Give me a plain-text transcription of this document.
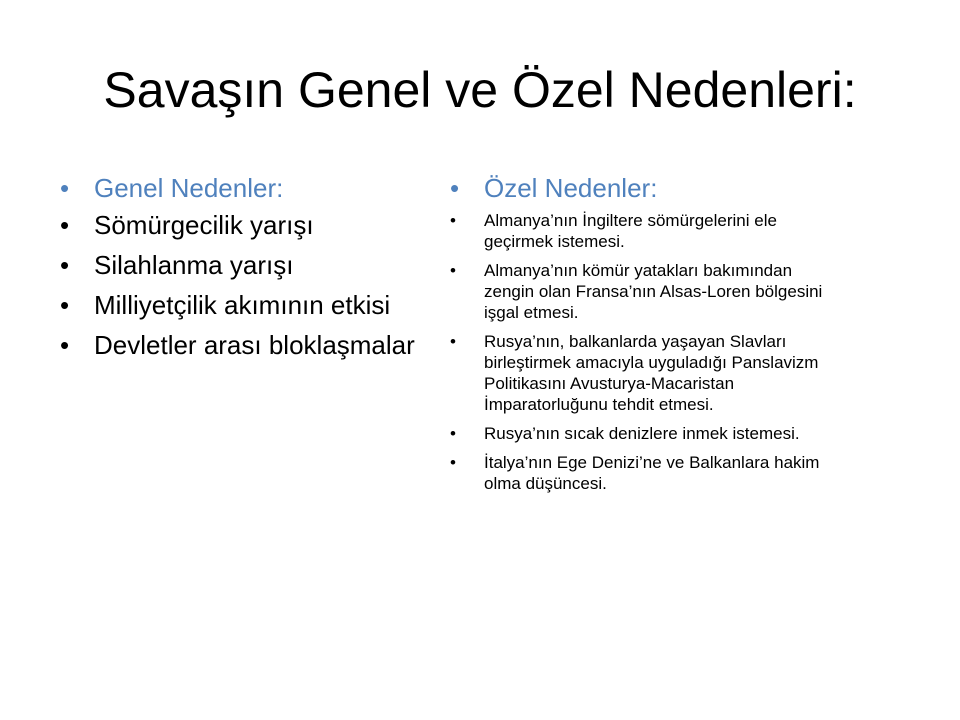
Savaşın Genel ve Özel Nedenleri:
• Genel Nedenler:
• Sömürgecilik yarışı
• Silahlanma yarışı
• Milliyetçilik akımının etkisi
• Devletler arası bloklaşmalar
• Özel Nedenler:
• Almanya’nın İngiltere sömürgelerini ele geçirmek istemesi.
• Almanya’nın kömür yatakları bakımından zengin olan Fransa’nın Alsas-Loren bölgesini işgal etmesi.
• Rusya’nın, balkanlarda yaşayan Slavları birleştirmek amacıyla uyguladığı Panslavizm Politikasını Avusturya-Macaristan İmparatorluğunu tehdit etmesi.
• Rusya’nın sıcak denizlere inmek istemesi.
• İtalya’nın Ege Denizi’ne ve Balkanlara hakim olma düşüncesi.
